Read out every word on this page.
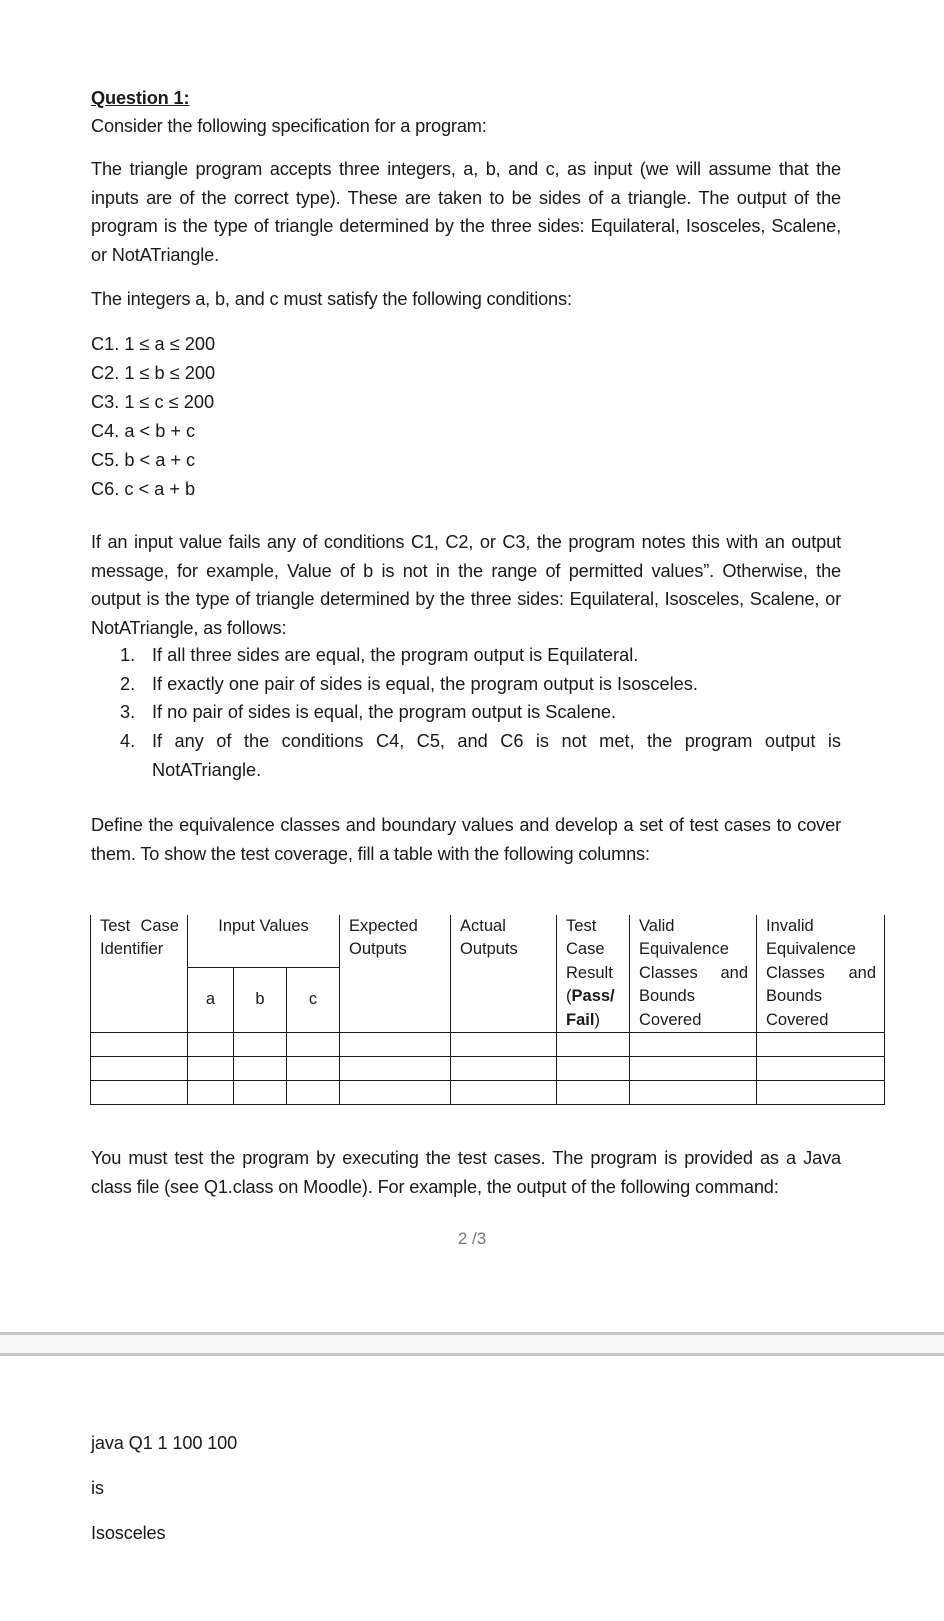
Question 1:

Consider the following specification for a program:

The triangle program accepts three integers, a, b, and c, as input (we will assume that the inputs are of the correct type). These are taken to be sides of a triangle. The output of the program is the type of triangle determined by the three sides: Equilateral, Isosceles, Scalene, or NotATriangle.

The integers a, b, and c must satisfy the following conditions:

C1. 1 ≤ a ≤ 200
C2. 1 ≤ b ≤ 200
C3. 1 ≤ c ≤ 200
C4. a < b + c
C5. b < a + c
C6. c < a + b

If an input value fails any of conditions C1, C2, or C3, the program notes this with an output message, for example, Value of b is not in the range of permitted values”. Otherwise, the output is the type of triangle determined by the three sides: Equilateral, Isosceles, Scalene, or NotATriangle, as follows:

1. If all three sides are equal, the program output is Equilateral.
2. If exactly one pair of sides is equal, the program output is Isosceles.
3. If no pair of sides is equal, the program output is Scalene.
4. If any of the conditions C4, C5, and C6 is not met, the program output is NotATriangle.

Define the equivalence classes and boundary values and develop a set of test cases to cover them. To show the test coverage, fill a table with the following columns:

Test Case Identifier	Input Values			Expected Outputs	Actual Outputs	Test Case Result (Pass/
Fail)	Valid Equivalence Classes and Bounds Covered	Invalid Equivalence Classes and Bounds Covered
	a	b	c					

You must test the program by executing the test cases. The program is provided as a Java class file (see Q1.class on Moodle). For example, the output of the following command:

2 /3

java Q1 1 100 100

is

Isosceles
